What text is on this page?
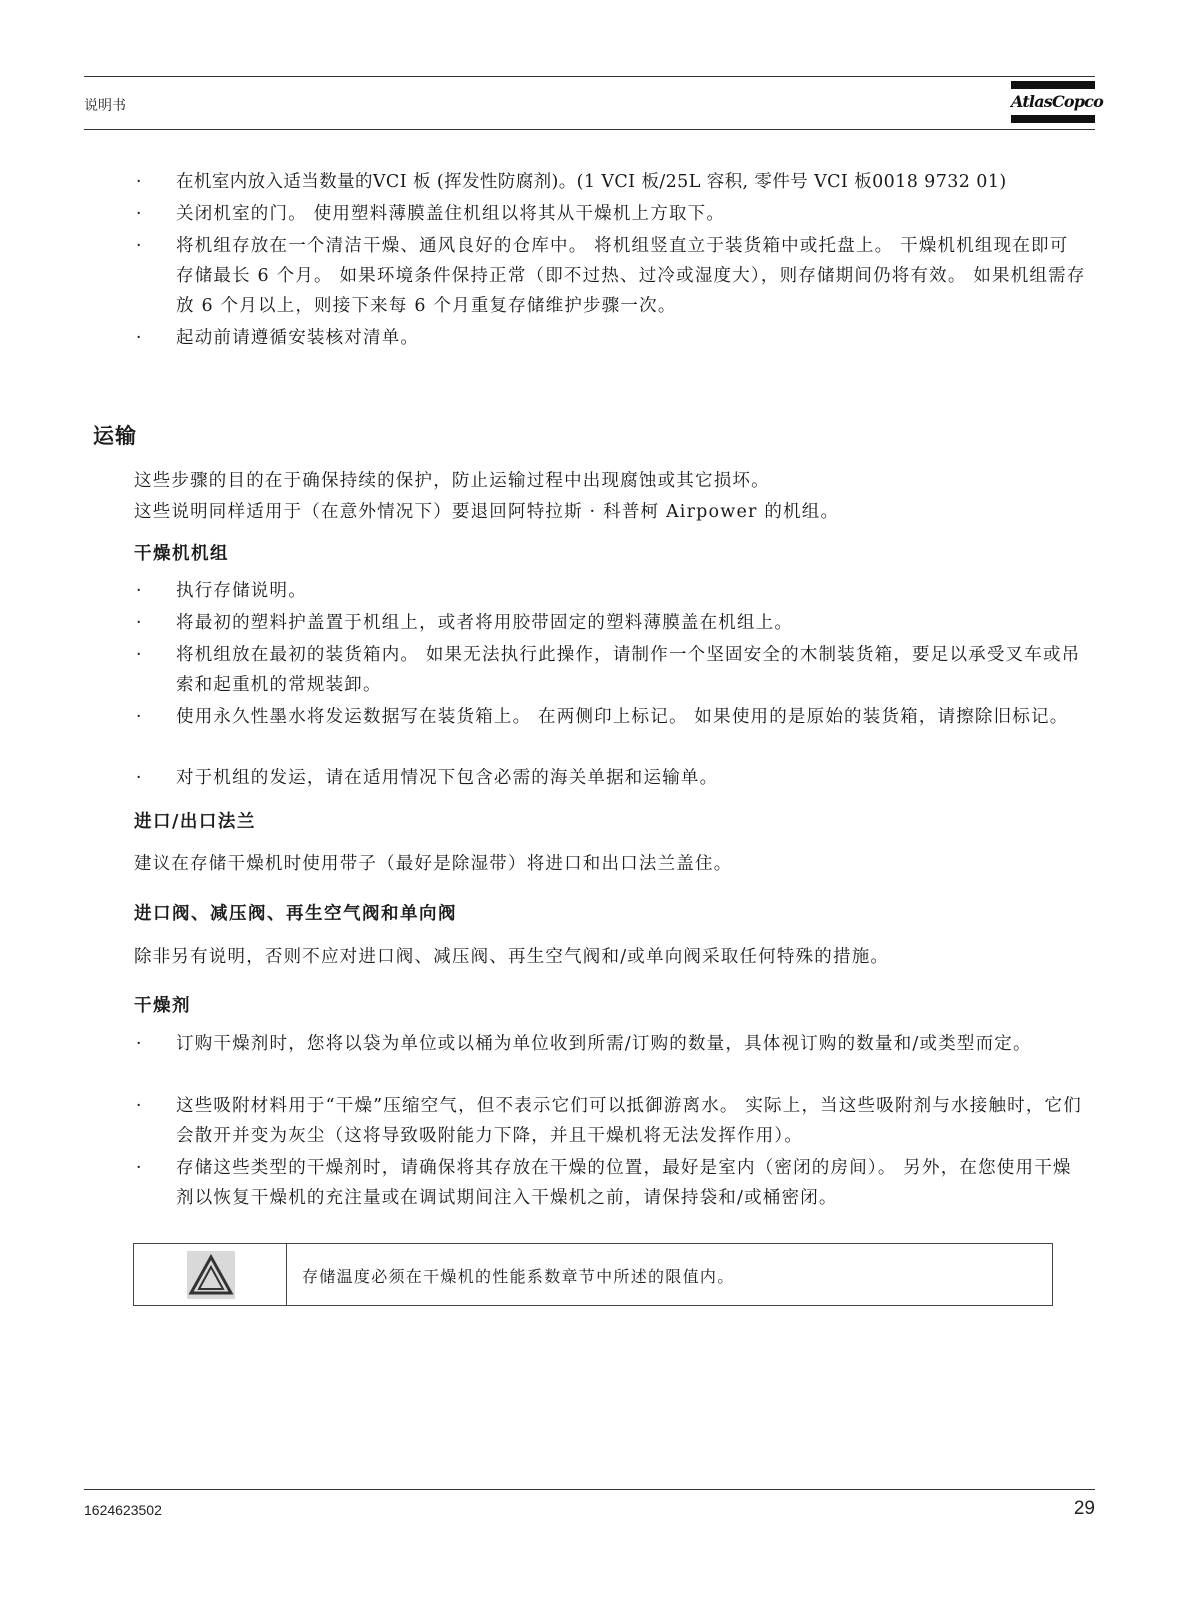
说明书	AtlasCopco
· 在机室内放入适当数量的VCI 板 (挥发性防腐剂)。(1 VCI 板/25L 容积, 零件号 VCI 板0018 9732 01)
· 关闭机室的门。 使用塑料薄膜盖住机组以将其从干燥机上方取下。
· 将机组存放在一个清洁干燥、通风良好的仓库中。 将机组竖直立于装货箱中或托盘上。 干燥机机组现在即可存储最长 6 个月。 如果环境条件保持正常（即不过热、过冷或湿度大），则存储期间仍将有效。 如果机组需存放 6 个月以上，则接下来每 6 个月重复存储维护步骤一次。
· 起动前请遵循安装核对清单。
运输
这些步骤的目的在于确保持续的保护，防止运输过程中出现腐蚀或其它损坏。
这些说明同样适用于（在意外情况下）要退回阿特拉斯 · 科普柯 Airpower 的机组。
干燥机机组
· 执行存储说明。
· 将最初的塑料护盖置于机组上，或者将用胶带固定的塑料薄膜盖在机组上。
· 将机组放在最初的装货箱内。 如果无法执行此操作，请制作一个坚固安全的木制装货箱，要足以承受叉车或吊索和起重机的常规装卸。
· 使用永久性墨水将发运数据写在装货箱上。 在两侧印上标记。 如果使用的是原始的装货箱，请擦除旧标记。
· 对于机组的发运，请在适用情况下包含必需的海关单据和运输单。
进口/出口法兰
建议在存储干燥机时使用带子（最好是除湿带）将进口和出口法兰盖住。
进口阀、减压阀、再生空气阀和单向阀
除非另有说明，否则不应对进口阀、减压阀、再生空气阀和/或单向阀采取任何特殊的措施。
干燥剂
· 订购干燥剂时，您将以袋为单位或以桶为单位收到所需/订购的数量，具体视订购的数量和/或类型而定。
· 这些吸附材料用于“干燥”压缩空气，但不表示它们可以抵御游离水。 实际上，当这些吸附剂与水接触时，它们会散开并变为灰尘（这将导致吸附能力下降，并且干燥机将无法发挥作用）。
· 存储这些类型的干燥剂时，请确保将其存放在干燥的位置，最好是室内（密闭的房间）。 另外，在您使用干燥剂以恢复干燥机的充注量或在调试期间注入干燥机之前，请保持袋和/或桶密闭。
存储温度必须在干燥机的性能系数章节中所述的限值内。
1624623502	29
